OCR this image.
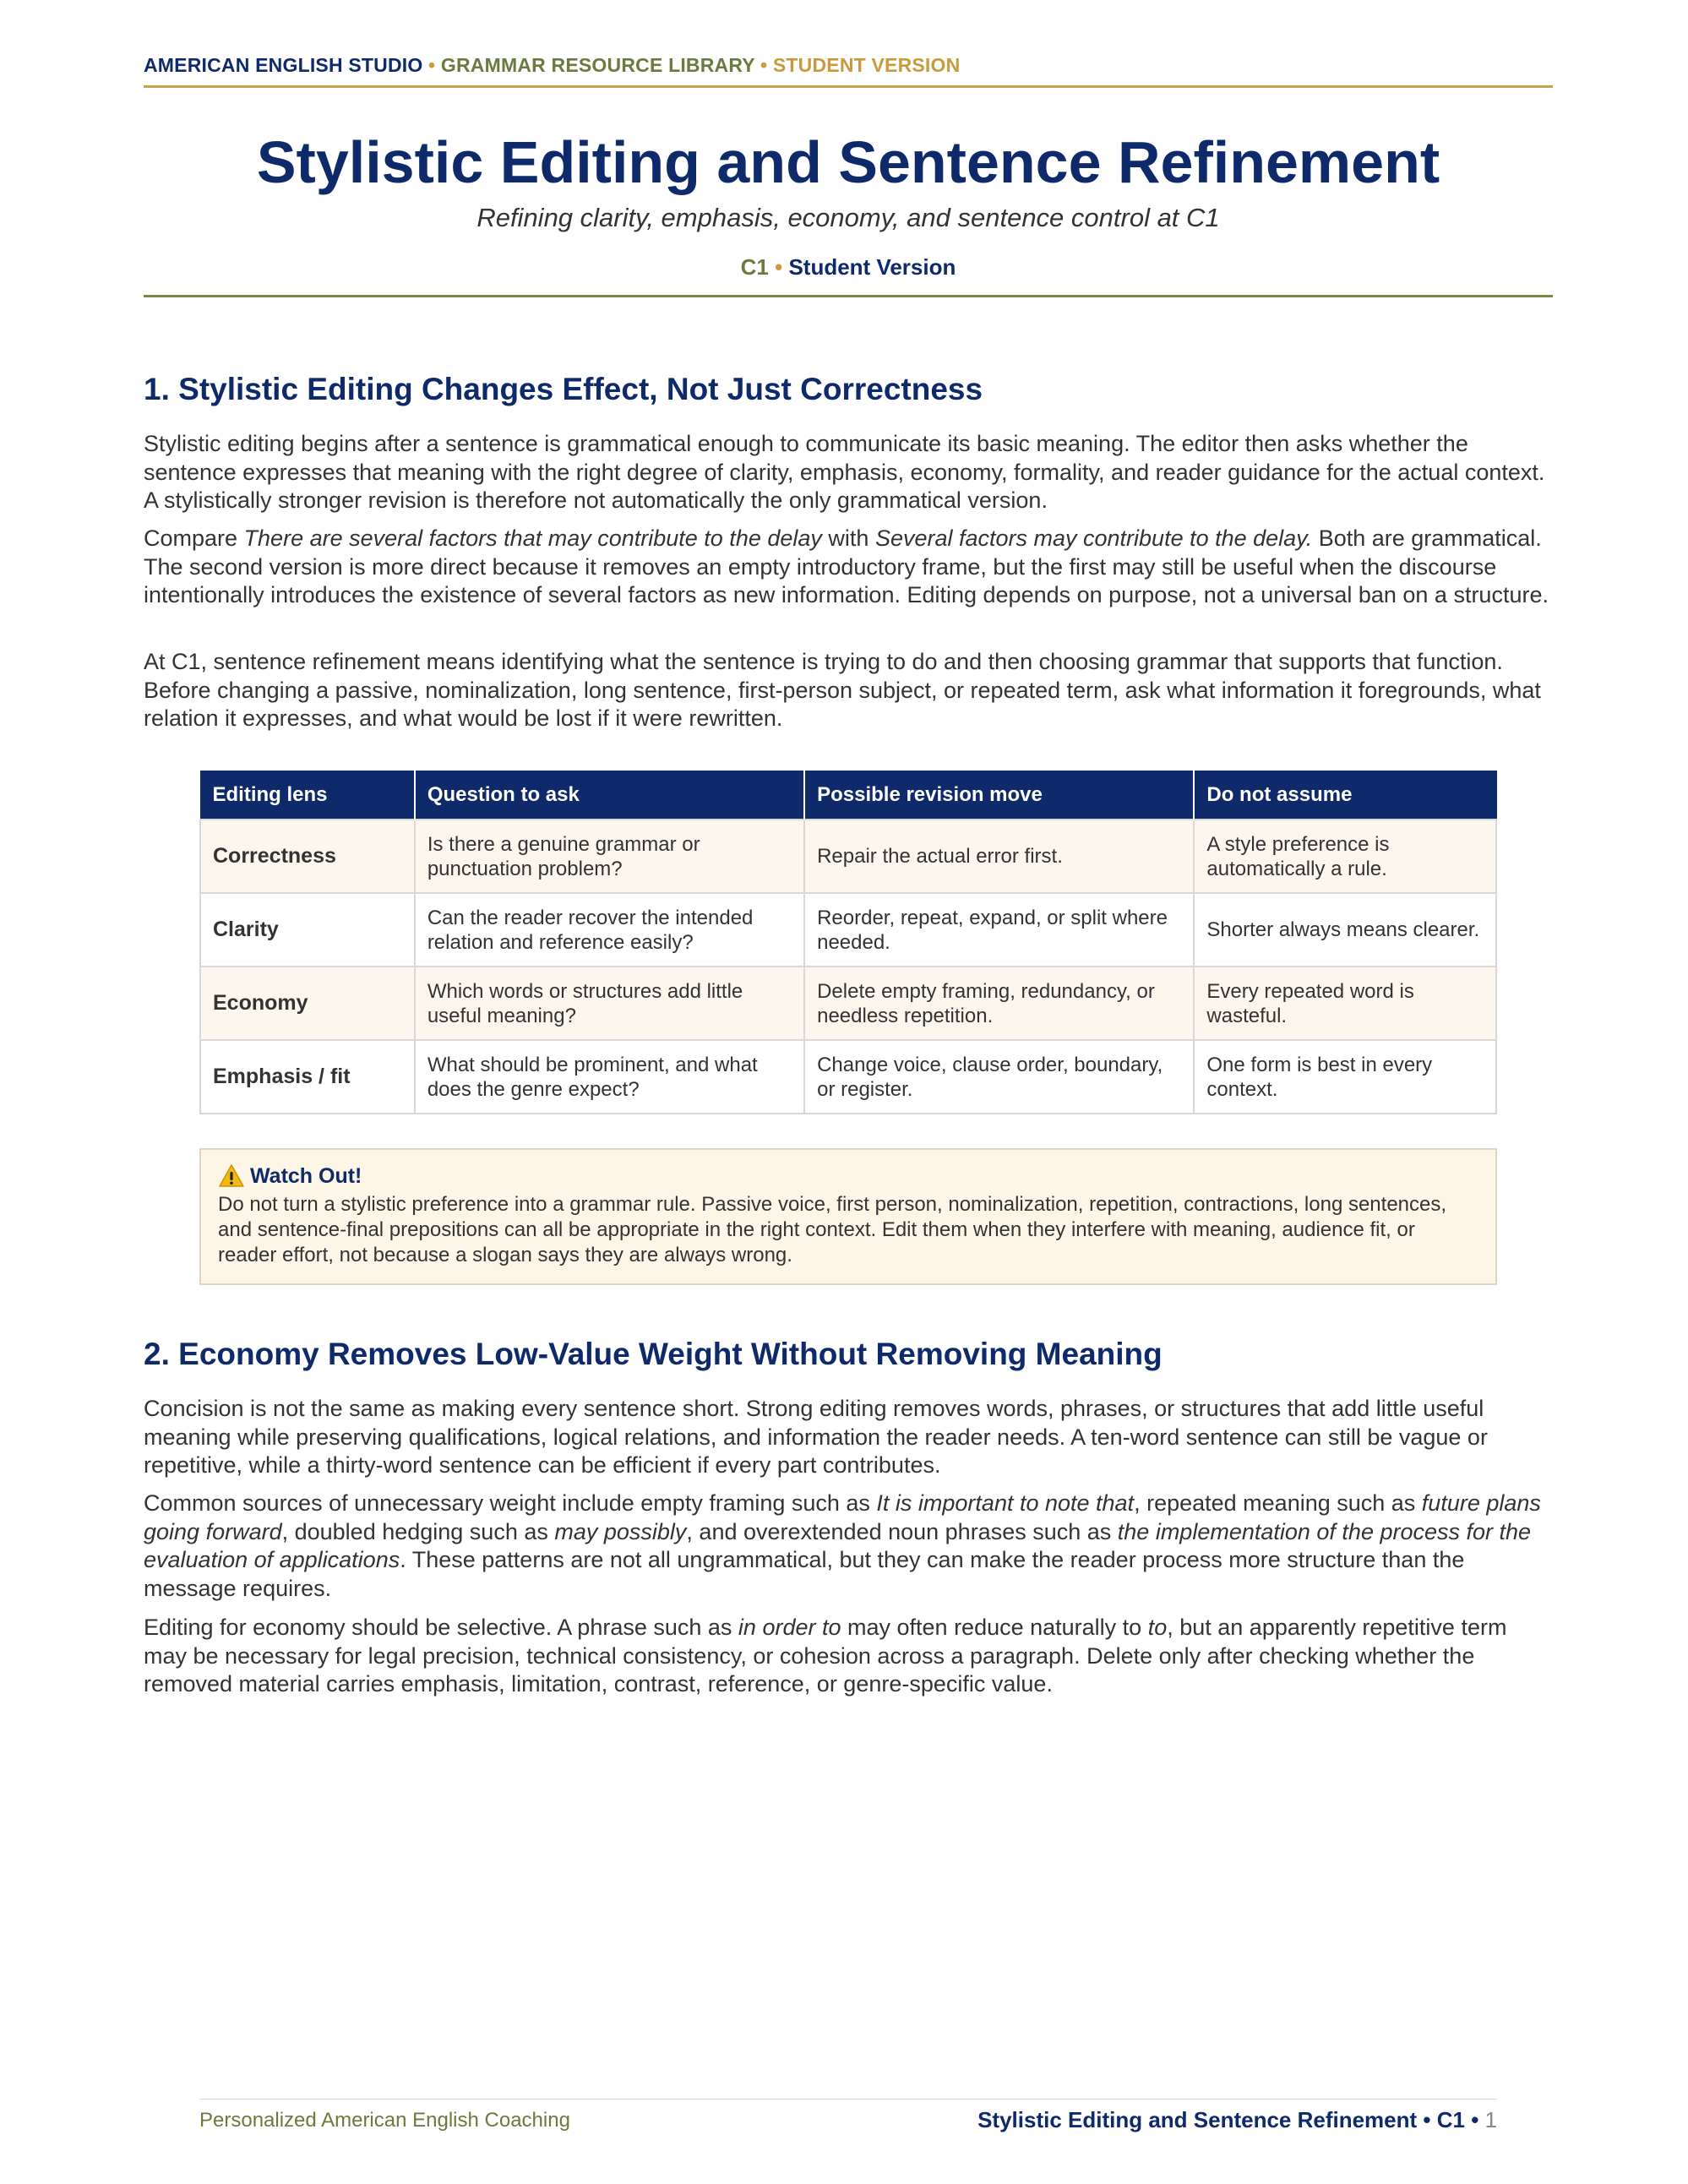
AMERICAN ENGLISH STUDIO • GRAMMAR RESOURCE LIBRARY • STUDENT VERSION
Stylistic Editing and Sentence Refinement
Refining clarity, emphasis, economy, and sentence control at C1
C1 • Student Version
1. Stylistic Editing Changes Effect, Not Just Correctness

Stylistic editing begins after a sentence is grammatical enough to communicate its basic meaning. The editor then asks whether the sentence expresses that meaning with the right degree of clarity, emphasis, economy, formality, and reader guidance for the actual context. A stylistically stronger revision is therefore not automatically the only grammatical version.

Compare There are several factors that may contribute to the delay with Several factors may contribute to the delay. Both are grammatical. The second version is more direct because it removes an empty introductory frame, but the first may still be useful when the discourse intentionally introduces the existence of several factors as new information. Editing depends on purpose, not a universal ban on a structure.

At C1, sentence refinement means identifying what the sentence is trying to do and then choosing grammar that supports that function. Before changing a passive, nominalization, long sentence, first-person subject, or repeated term, ask what information it foregrounds, what relation it expresses, and what would be lost if it were rewritten.

Editing lens	Question to ask	Possible revision move	Do not assume
Correctness	Is there a genuine grammar or punctuation problem?	Repair the actual error first.	A style preference is automatically a rule.
Clarity	Can the reader recover the intended relation and reference easily?	Reorder, repeat, expand, or split where needed.	Shorter always means clearer.
Economy	Which words or structures add little useful meaning?	Delete empty framing, redundancy, or needless repetition.	Every repeated word is wasteful.
Emphasis / fit	What should be prominent, and what does the genre expect?	Change voice, clause order, boundary, or register.	One form is best in every context.
Watch Out!
Do not turn a stylistic preference into a grammar rule. Passive voice, first person, nominalization, repetition, contractions, long sentences, and sentence-final prepositions can all be appropriate in the right context. Edit them when they interfere with meaning, audience fit, or reader effort, not because a slogan says they are always wrong.
2. Economy Removes Low-Value Weight Without Removing Meaning

Concision is not the same as making every sentence short. Strong editing removes words, phrases, or structures that add little useful meaning while preserving qualifications, logical relations, and information the reader needs. A ten-word sentence can still be vague or repetitive, while a thirty-word sentence can be efficient if every part contributes.

Common sources of unnecessary weight include empty framing such as It is important to note that, repeated meaning such as future plans going forward, doubled hedging such as may possibly, and overextended noun phrases such as the implementation of the process for the evaluation of applications. These patterns are not all ungrammatical, but they can make the reader process more structure than the message requires.

Editing for economy should be selective. A phrase such as in order to may often reduce naturally to to, but an apparently repetitive term may be necessary for legal precision, technical consistency, or cohesion across a paragraph. Delete only after checking whether the removed material carries emphasis, limitation, contrast, reference, or genre-specific value.

Personalized American English Coaching	Stylistic Editing and Sentence Refinement • C1 • 1
